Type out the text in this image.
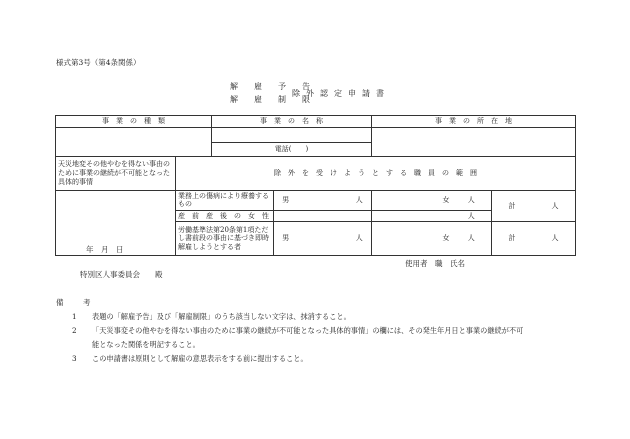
様式第3号（第4条関係）
解　雇　予　告
解　雇　制　限
除外認定申請書
事　業　の　種　類		事　業　の　名　称				事　業　の　所　在　地		

		電話(　　)						
天災地変その他やむを得ない事由のために事業の継続が不可能となった具体的事情	除　外　を　受　け　よ　う　と　す　る　職　員　の　範　囲							
	業務上の傷病により療養するもの		男		人	女	人	計 人
	産　前　産　後　の　女　性						人	
	労働基準法第20条第1項ただし書前段の事由に基づき即時解雇しようとする者		男		人	女	人	計 人
年　月　日
使用者　職　氏名
特別区人事委員会　　殿
備　考
1 表題の「解雇予告」及び「解雇制限」のうち該当しない文字は、抹消すること。
2 「天災事変その他やむを得ない事由のために事業の継続が不可能となった具体的事情」の欄には、その発生年月日と事業の継続が不可
能となった関係を明記すること。
3 この申請書は原則として解雇の意思表示をする前に提出すること。
